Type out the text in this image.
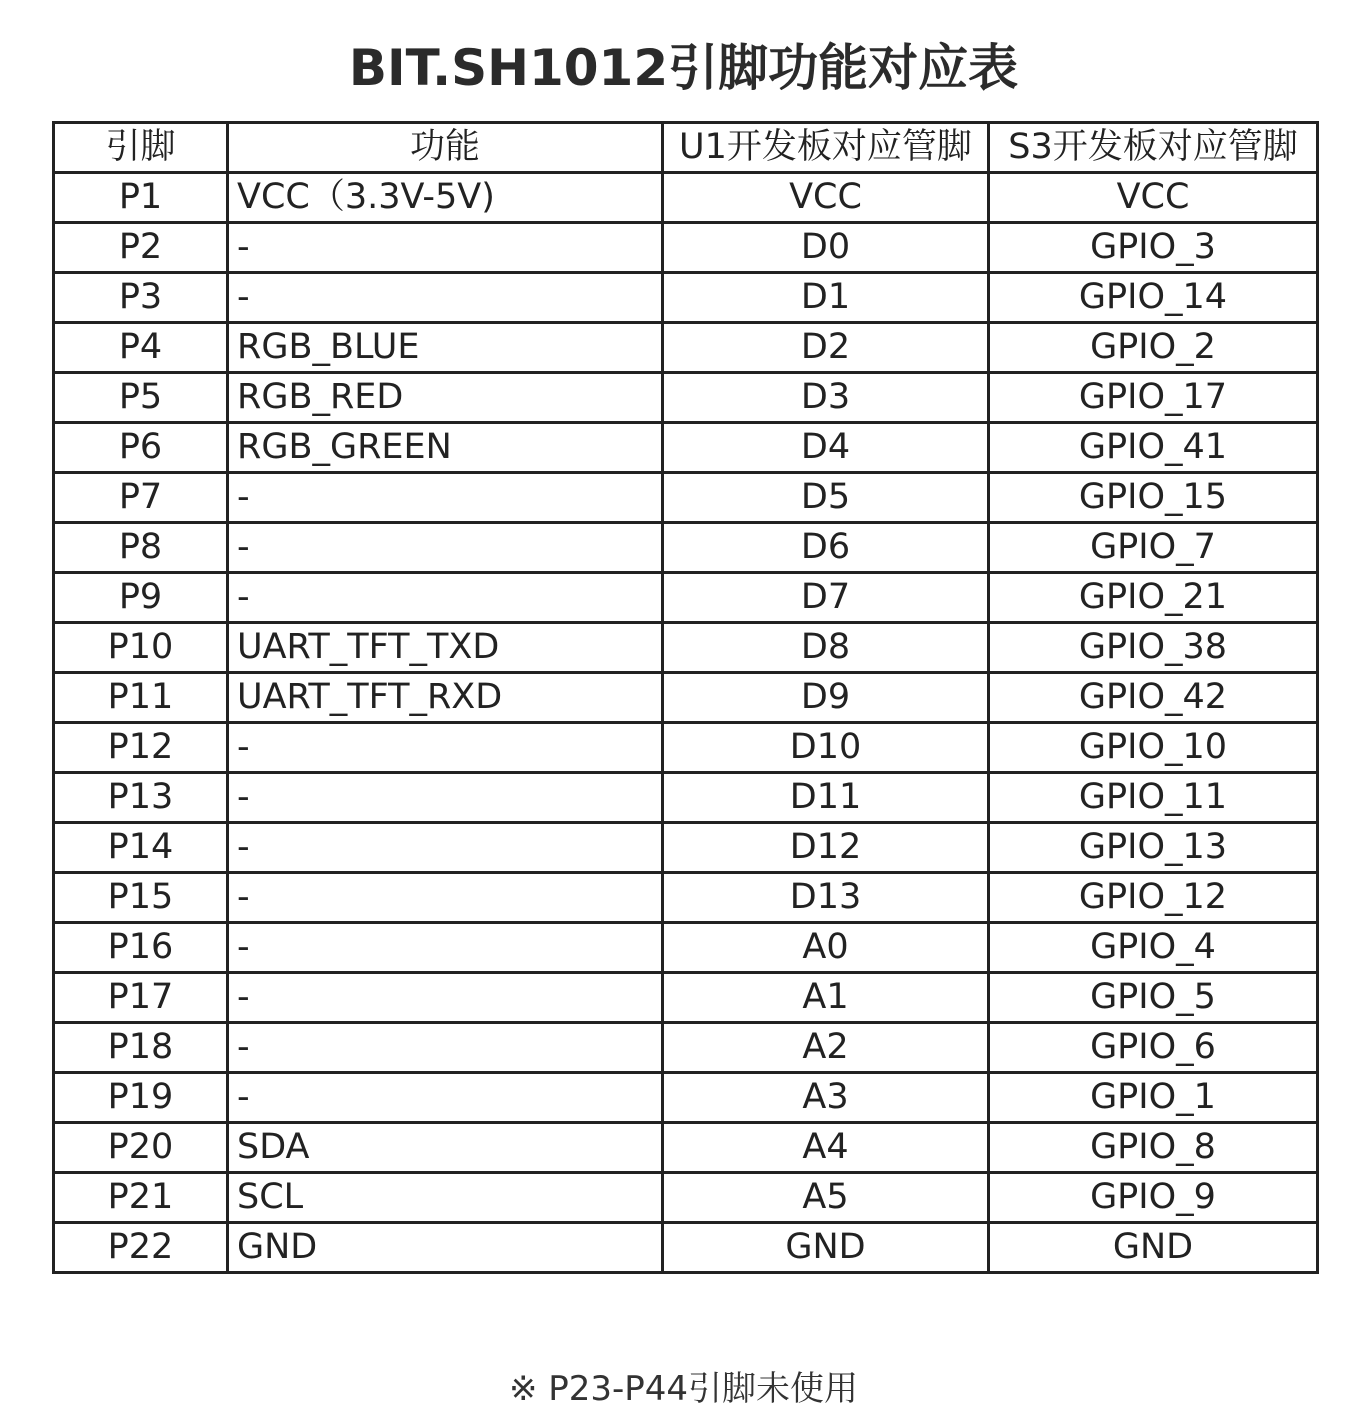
BIT.SH1012引脚功能对应表
引脚	功能	U1开发板对应管脚	S3开发板对应管脚
P1	VCC（3.3V-5V)	VCC	VCC
P2	-	D0	GPIO_3
P3	-	D1	GPIO_14
P4	RGB_BLUE	D2	GPIO_2
P5	RGB_RED	D3	GPIO_17
P6	RGB_GREEN	D4	GPIO_41
P7	-	D5	GPIO_15
P8	-	D6	GPIO_7
P9	-	D7	GPIO_21
P10	UART_TFT_TXD	D8	GPIO_38
P11	UART_TFT_RXD	D9	GPIO_42
P12	-	D10	GPIO_10
P13	-	D11	GPIO_11
P14	-	D12	GPIO_13
P15	-	D13	GPIO_12
P16	-	A0	GPIO_4
P17	-	A1	GPIO_5
P18	-	A2	GPIO_6
P19	-	A3	GPIO_1
P20	SDA	A4	GPIO_8
P21	SCL	A5	GPIO_9
P22	GND	GND	GND
※ P23-P44引脚未使用
